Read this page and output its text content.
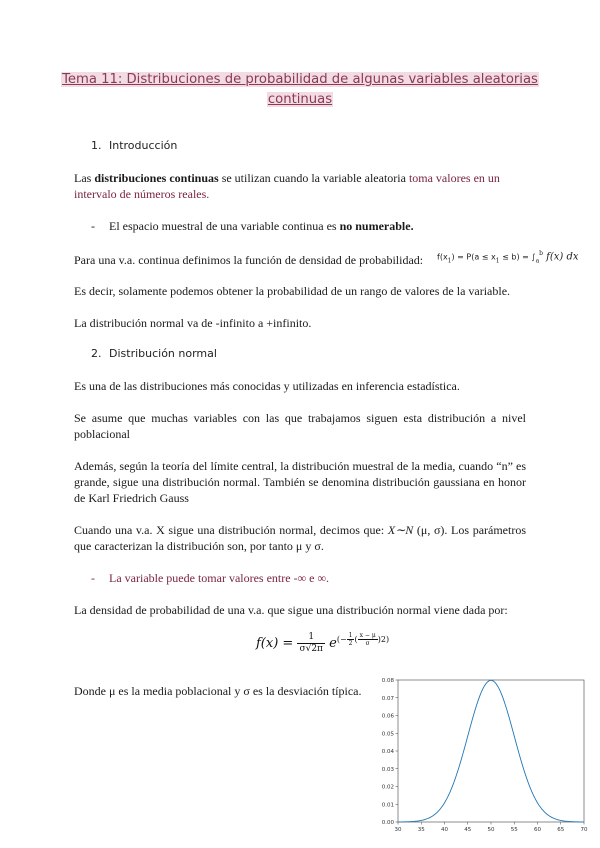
Tema 11: Distribuciones de probabilidad de algunas variables aleatorias
continuas
1. Introducción
Las distribuciones continuas se utilizan cuando la variable aleatoria toma valores en un
intervalo de números reales.
- El espacio muestral de una variable continua es no numerable.
Para una v.a. continua definimos la función de densidad de probabilidad:	$f(x_1) = P(a \le x_1 \le b) = \int_a^b$ f(x) dx
Es decir, solamente podemos obtener la probabilidad de un rango de valores de la variable.
La distribución normal va de -infinito a +infinito.
2. Distribución normal
Es una de las distribuciones más conocidas y utilizadas en inferencia estadística.
Se asume que muchas variables con las que trabajamos siguen esta distribución a nivel poblacional
Además, según la teoría del límite central, la distribución muestral de la media, cuando “n” es grande, sigue una distribución normal. También se denomina distribución gaussiana en honor de Karl Friedrich Gauss
Cuando una v.a. X sigue una distribución normal, decimos que: X∼N (μ, σ). Los parámetros que caracterizan la distribución son, por tanto μ y σ.
- La variable puede tomar valores entre -∞ e ∞.
La densidad de probabilidad de una v.a. que sigue una distribución normal viene dada por:
$f(x) = \frac{1}{\sigma√2\pi} e^{(- \frac{1}{2} ( \frac{x - \mu}{\sigma} )2)}$
Donde μ es la media poblacional y σ es la desviación típica.
30	35	40	45	50	55	60	65	70
0.00
0.01
0.02
0.03
0.04
0.05
0.06
0.07
0.08
